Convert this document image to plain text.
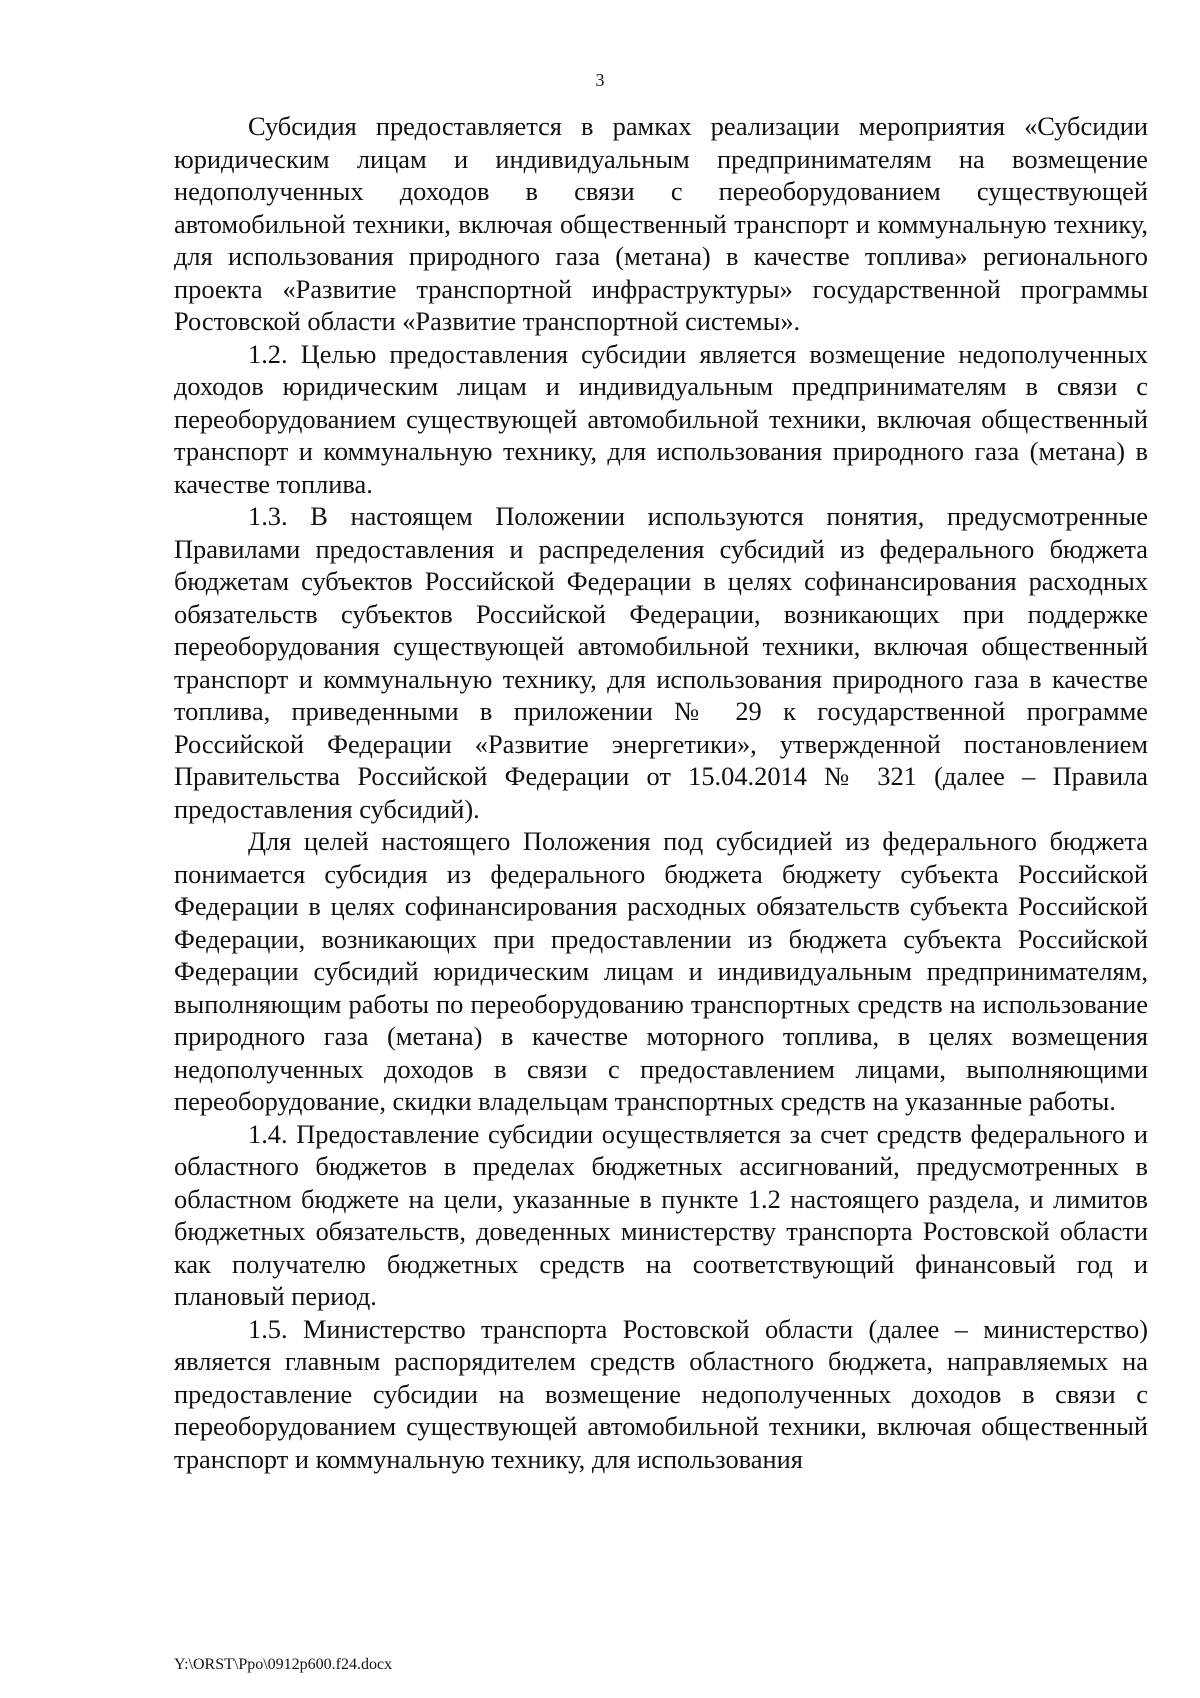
3

Субсидия предоставляется в рамках реализации мероприятия «Субсидии юридическим лицам и индивидуальным предпринимателям на возмещение недополученных доходов в связи с переоборудованием существующей автомобильной техники, включая общественный транспорт и коммунальную технику, для использования природного газа (метана) в качестве топлива» регионального проекта «Развитие транспортной инфраструктуры» государственной программы Ростовской области «Развитие транспортной системы».

1.2. Целью предоставления субсидии является возмещение недополученных доходов юридическим лицам и индивидуальным предпринимателям в связи с переоборудованием существующей автомобильной техники, включая общественный транспорт и коммунальную технику, для использования природного газа (метана) в качестве топлива.

1.3. В настоящем Положении используются понятия, предусмотренные Правилами предоставления и распределения субсидий из федерального бюджета бюджетам субъектов Российской Федерации в целях софинансирования расходных обязательств субъектов Российской Федерации, возникающих при поддержке переоборудования существующей автомобильной техники, включая общественный транспорт и коммунальную технику, для использования природного газа в качестве топлива, приведенными в приложении № 29 к государственной программе Российской Федерации «Развитие энергетики», утвержденной постановлением Правительства Российской Федерации от 15.04.2014 № 321 (далее – Правила предоставления субсидий).

Для целей настоящего Положения под субсидией из федерального бюджета понимается субсидия из федерального бюджета бюджету субъекта Российской Федерации в целях софинансирования расходных обязательств субъекта Российской Федерации, возникающих при предоставлении из бюджета субъекта Российской Федерации субсидий юридическим лицам и индивидуальным предпринимателям, выполняющим работы по переоборудованию транспортных средств на использование природного газа (метана) в качестве моторного топлива, в целях возмещения недополученных доходов в связи с предоставлением лицами, выполняющими переоборудование, скидки владельцам транспортных средств на указанные работы.

1.4. Предоставление субсидии осуществляется за счет средств федерального и областного бюджетов в пределах бюджетных ассигнований, предусмотренных в областном бюджете на цели, указанные в пункте 1.2 настоящего раздела, и лимитов бюджетных обязательств, доведенных министерству транспорта Ростовской области как получателю бюджетных средств на соответствующий финансовый год и плановый период.

1.5. Министерство транспорта Ростовской области (далее – министерство) является главным распорядителем средств областного бюджета, направляемых на предоставление субсидии на возмещение недополученных доходов в связи с переоборудованием существующей автомобильной техники, включая общественный транспорт и коммунальную технику, для использования

Y:\ORST\Ppo\0912p600.f24.docx
